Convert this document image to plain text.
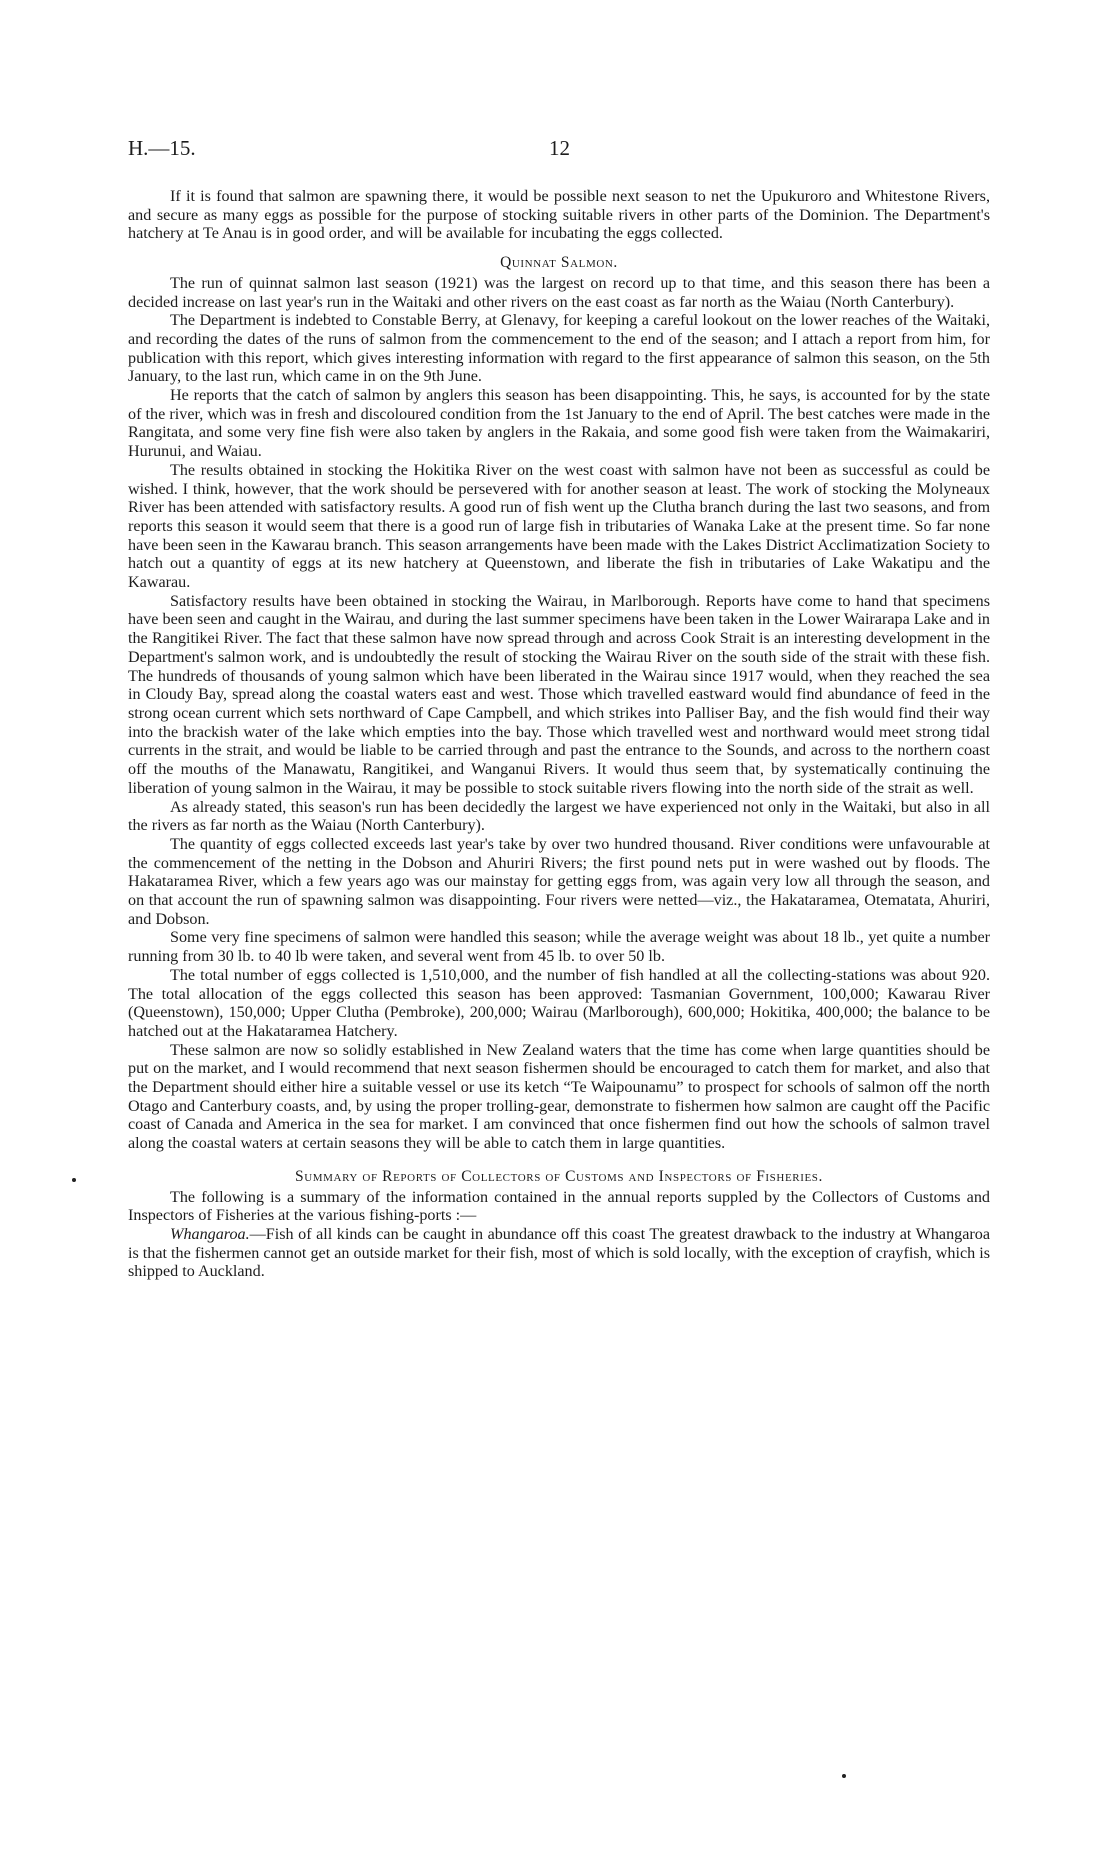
H.—15.	12

If it is found that salmon are spawning there, it would be possible next season to net the Upukuroro and Whitestone Rivers, and secure as many eggs as possible for the purpose of stocking suitable rivers in other parts of the Dominion. The Department's hatchery at Te Anau is in good order, and will be available for incubating the eggs collected.

Quinnat Salmon.

The run of quinnat salmon last season (1921) was the largest on record up to that time, and this season there has been a decided increase on last year's run in the Waitaki and other rivers on the east coast as far north as the Waiau (North Canterbury).

The Department is indebted to Constable Berry, at Glenavy, for keeping a careful lookout on the lower reaches of the Waitaki, and recording the dates of the runs of salmon from the commencement to the end of the season; and I attach a report from him, for publication with this report, which gives interesting information with regard to the first appearance of salmon this season, on the 5th January, to the last run, which came in on the 9th June.

He reports that the catch of salmon by anglers this season has been disappointing. This, he says, is accounted for by the state of the river, which was in fresh and discoloured condition from the 1st January to the end of April. The best catches were made in the Rangitata, and some very fine fish were also taken by anglers in the Rakaia, and some good fish were taken from the Waimakariri, Hurunui, and Waiau.

The results obtained in stocking the Hokitika River on the west coast with salmon have not been as successful as could be wished. I think, however, that the work should be persevered with for another season at least. The work of stocking the Molyneaux River has been attended with satisfactory results. A good run of fish went up the Clutha branch during the last two seasons, and from reports this season it would seem that there is a good run of large fish in tributaries of Wanaka Lake at the present time. So far none have been seen in the Kawarau branch. This season arrangements have been made with the Lakes District Acclimatization Society to hatch out a quantity of eggs at its new hatchery at Queenstown, and liberate the fish in tributaries of Lake Wakatipu and the Kawarau.

Satisfactory results have been obtained in stocking the Wairau, in Marlborough. Reports have come to hand that specimens have been seen and caught in the Wairau, and during the last summer specimens have been taken in the Lower Wairarapa Lake and in the Rangitikei River. The fact that these salmon have now spread through and across Cook Strait is an interesting development in the Department's salmon work, and is undoubtedly the result of stocking the Wairau River on the south side of the strait with these fish. The hundreds of thousands of young salmon which have been liberated in the Wairau since 1917 would, when they reached the sea in Cloudy Bay, spread along the coastal waters east and west. Those which travelled eastward would find abundance of feed in the strong ocean current which sets northward of Cape Campbell, and which strikes into Palliser Bay, and the fish would find their way into the brackish water of the lake which empties into the bay. Those which travelled west and northward would meet strong tidal currents in the strait, and would be liable to be carried through and past the entrance to the Sounds, and across to the northern coast off the mouths of the Manawatu, Rangitikei, and Wanganui Rivers. It would thus seem that, by systematically continuing the liberation of young salmon in the Wairau, it may be possible to stock suitable rivers flowing into the north side of the strait as well.

As already stated, this season's run has been decidedly the largest we have experienced not only in the Waitaki, but also in all the rivers as far north as the Waiau (North Canterbury).

The quantity of eggs collected exceeds last year's take by over two hundred thousand. River conditions were unfavourable at the commencement of the netting in the Dobson and Ahuriri Rivers; the first pound nets put in were washed out by floods. The Hakataramea River, which a few years ago was our mainstay for getting eggs from, was again very low all through the season, and on that account the run of spawning salmon was disappointing. Four rivers were netted—viz., the Hakataramea, Otematata, Ahuriri, and Dobson.

Some very fine specimens of salmon were handled this season; while the average weight was about 18 lb., yet quite a number running from 30 lb. to 40 lb were taken, and several went from 45 lb. to over 50 lb.

The total number of eggs collected is 1,510,000, and the number of fish handled at all the collecting-stations was about 920. The total allocation of the eggs collected this season has been approved: Tasmanian Government, 100,000; Kawarau River (Queenstown), 150,000; Upper Clutha (Pembroke), 200,000; Wairau (Marlborough), 600,000; Hokitika, 400,000; the balance to be hatched out at the Hakataramea Hatchery.

These salmon are now so solidly established in New Zealand waters that the time has come when large quantities should be put on the market, and I would recommend that next season fishermen should be encouraged to catch them for market, and also that the Department should either hire a suitable vessel or use its ketch “Te Waipounamu” to prospect for schools of salmon off the north Otago and Canterbury coasts, and, by using the proper trolling-gear, demonstrate to fishermen how salmon are caught off the Pacific coast of Canada and America in the sea for market. I am convinced that once fishermen find out how the schools of salmon travel along the coastal waters at certain seasons they will be able to catch them in large quantities.

Summary of Reports of Collectors of Customs and Inspectors of Fisheries.

The following is a summary of the information contained in the annual reports suppled by the Collectors of Customs and Inspectors of Fisheries at the various fishing-ports :—

Whangaroa.—Fish of all kinds can be caught in abundance off this coast The greatest drawback to the industry at Whangaroa is that the fishermen cannot get an outside market for their fish, most of which is sold locally, with the exception of crayfish, which is shipped to Auckland.
